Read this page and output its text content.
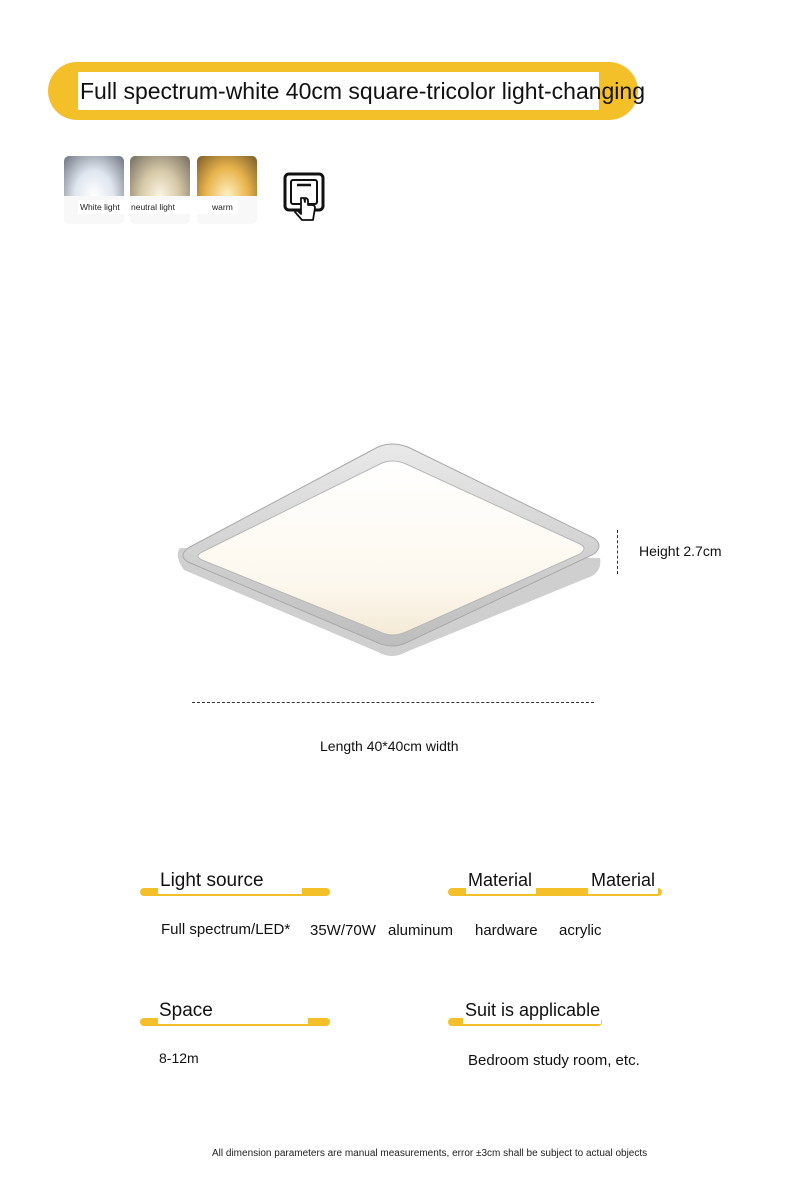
Full spectrum-white 40cm square-tricolor light-changing
White light neutral light	warm
Height 2.7cm
Length 40*40cm width
Light source
Full spectrum/LED* 35W/70W
Material	Material
aluminum hardware acrylic
Space
8-12m
Suit is applicable
Bedroom study room, etc.
All dimension parameters are manual measurements, error ±3cm shall be subject to actual objects
